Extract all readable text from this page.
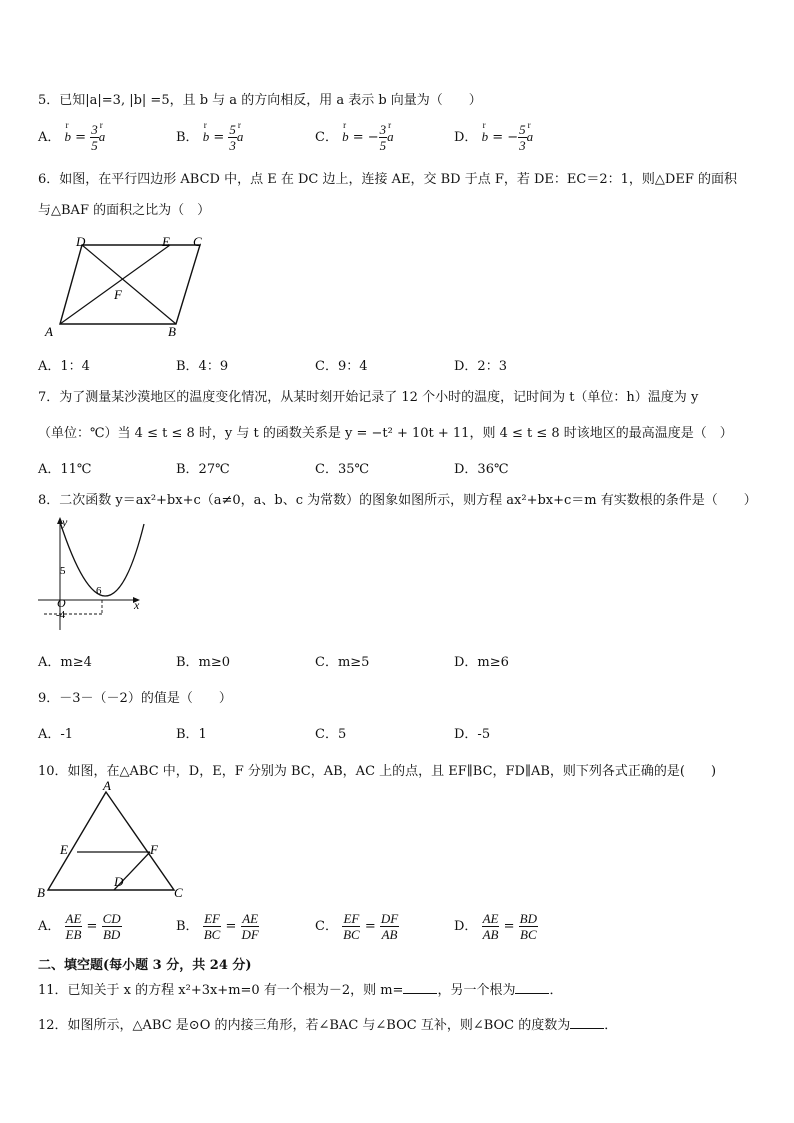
5．已知|a|=3, |b| =5，且 b 与 a 的方向相反，用 a 表示 b 向量为（　　）
A． r $b = \frac{3}{5}$ r a	B． r $b = \frac{5}{3}$ r a	C． r b = − $\frac{3}{5}$ r a	D． r b = − $\frac{5}{3}$ r a
6．如图，在平行四边形 ABCD 中，点 E 在 DC 边上，连接 AE，交 BD 于点 F，若 DE：EC＝2：1，则△DEF 的面积
与△BAF 的面积之比为（　）
D	E C
F
A	B
A．1：4	B．4：9	C．9：4	D．2：3
7．为了测量某沙漠地区的温度变化情况，从某时刻开始记录了 12 个小时的温度，记时间为 t（单位：h）温度为 y
（单位：℃）当 4 ≤ t ≤ 8 时，y 与 t 的函数关系是 y = −t² + 10t + 11，则 4 ≤ t ≤ 8 时该地区的最高温度是（　）
A．11℃	B．27℃	C．35℃	D．36℃
8．二次函数 y＝ax²+bx+c（a≠0，a、b、c 为常数）的图象如图所示，则方程 ax²+bx+c＝m 有实数根的条件是（　　）
y
x
O
5
6
-4
A．m≥4	B．m≥0	C．m≥5	D．m≥6
9．－3－（－2）的值是（　　）
A．-1	B．1	C．5	D．-5
10．如图，在△ABC 中，D，E，F 分别为 BC，AB，AC 上的点，且 EF∥BC，FD∥AB，则下列各式正确的是(　　)
A
E	F
B	C
D
A． $\frac{AE}{EB} = \frac{CD}{BD}$	B． $\frac{EF}{BC} = \frac{AE}{DF}$	C． $\frac{EF}{BC} = \frac{DF}{AB}$	D． $\frac{AE}{AB} = \frac{BD}{BC}$
二、填空题(每小题 3 分，共 24 分)
11．已知关于 x 的方程 x²+3x+m=0 有一个根为－2，则 m=	，另一个根为	．
12．如图所示，△ABC 是⊙O 的内接三角形，若∠BAC 与∠BOC 互补，则∠BOC 的度数为	．
